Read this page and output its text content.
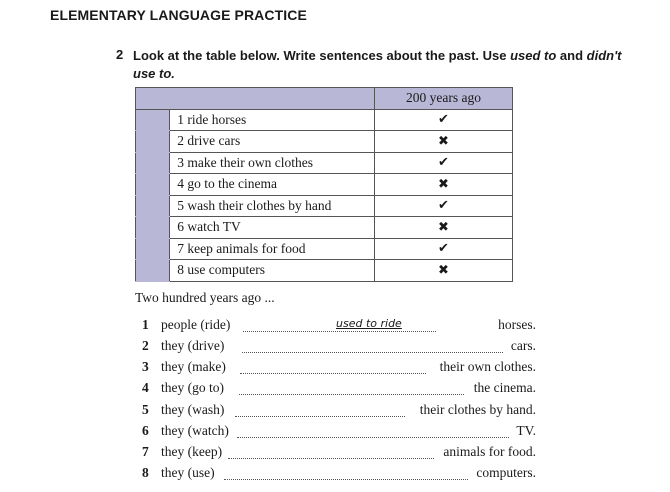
ELEMENTARY LANGUAGE PRACTICE
2 Look at the table below. Write sentences about the past. Use used to and didn't
use to.
		200 years ago
	1 ride horses	✔
	2 drive cars	✖
	3 make their own clothes	✔
	4 go to the cinema	✖
	5 wash their clothes by hand	✔
	6 watch TV	✖
	7 keep animals for food	✔
	8 use computers	✖
Two hundred years ago ...
1 people (ride)	used to ride	horses.
2 they (drive)	cars.
3 they (make)	their own clothes.
4 they (go to)	the cinema.
5 they (wash)	their clothes by hand.
6 they (watch)	TV.
7 they (keep)	animals for food.
8 they (use)	computers.
